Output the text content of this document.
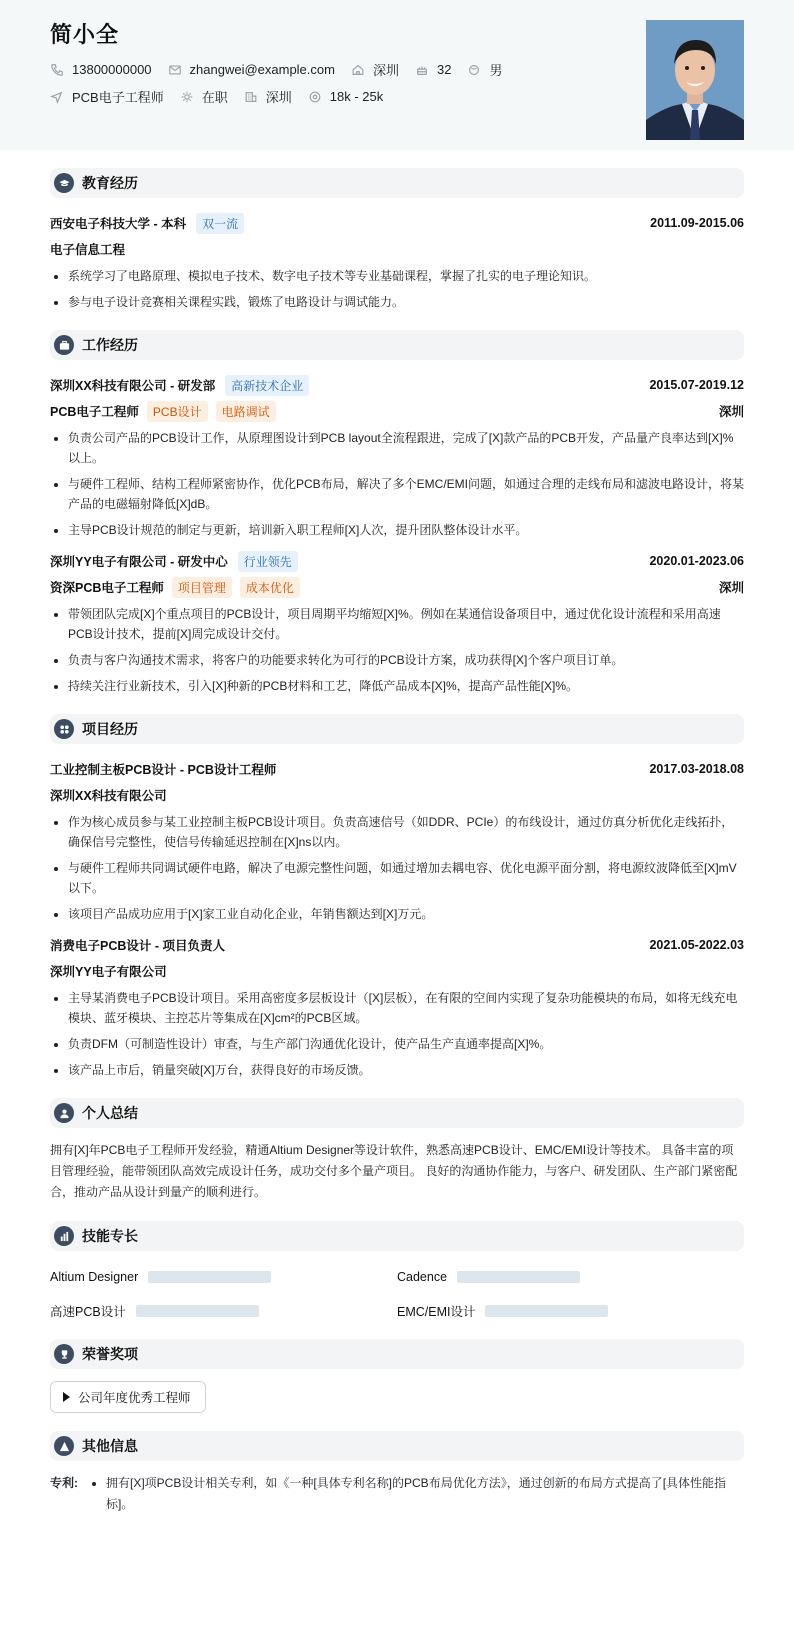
简小全
13800000000	zhangwei@example.com	深圳	32	男
PCB电子工程师	在职	深圳	18k - 25k
教育经历
西安电子科技大学 - 本科	双一流	2011.09-2015.06
电子信息工程
• 系统学习了电路原理、模拟电子技术、数字电子技术等专业基础课程，掌握了扎实的电子理论知识。
• 参与电子设计竞赛相关课程实践，锻炼了电路设计与调试能力。
工作经历
深圳XX科技有限公司 - 研发部	高新技术企业	2015.07-2019.12
PCB电子工程师	PCB设计	电路调试	深圳
• 负责公司产品的PCB设计工作，从原理图设计到PCB layout全流程跟进，完成了[X]款产品的PCB开发，产品量产良率达到[X]%以上。
• 与硬件工程师、结构工程师紧密协作，优化PCB布局，解决了多个EMC/EMI问题，如通过合理的走线布局和滤波电路设计，将某产品的电磁辐射降低[X]dB。
• 主导PCB设计规范的制定与更新，培训新入职工程师[X]人次，提升团队整体设计水平。
深圳YY电子有限公司 - 研发中心	行业领先	2020.01-2023.06
资深PCB电子工程师	项目管理	成本优化	深圳
• 带领团队完成[X]个重点项目的PCB设计，项目周期平均缩短[X]%。例如在某通信设备项目中，通过优化设计流程和采用高速PCB设计技术，提前[X]周完成设计交付。
• 负责与客户沟通技术需求，将客户的功能要求转化为可行的PCB设计方案，成功获得[X]个客户项目订单。
• 持续关注行业新技术，引入[X]种新的PCB材料和工艺，降低产品成本[X]%，提高产品性能[X]%。
项目经历
工业控制主板PCB设计 - PCB设计工程师	2017.03-2018.08
深圳XX科技有限公司
• 作为核心成员参与某工业控制主板PCB设计项目。负责高速信号（如DDR、PCIe）的布线设计，通过仿真分析优化走线拓扑，确保信号完整性，使信号传输延迟控制在[X]ns以内。
• 与硬件工程师共同调试硬件电路，解决了电源完整性问题，如通过增加去耦电容、优化电源平面分割，将电源纹波降低至[X]mV以下。
• 该项目产品成功应用于[X]家工业自动化企业，年销售额达到[X]万元。
消费电子PCB设计 - 项目负责人	2021.05-2022.03
深圳YY电子有限公司
• 主导某消费电子PCB设计项目。采用高密度多层板设计（[X]层板），在有限的空间内实现了复杂功能模块的布局，如将无线充电模块、蓝牙模块、主控芯片等集成在[X]cm²的PCB区域。
• 负责DFM（可制造性设计）审查，与生产部门沟通优化设计，使产品生产直通率提高[X]%。
• 该产品上市后，销量突破[X]万台，获得良好的市场反馈。
个人总结
拥有[X]年PCB电子工程师开发经验，精通Altium Designer等设计软件，熟悉高速PCB设计、EMC/EMI设计等技术。 具备丰富的项目管理经验，能带领团队高效完成设计任务，成功交付多个量产项目。 良好的沟通协作能力，与客户、研发团队、生产部门紧密配合，推动产品从设计到量产的顺利进行。
技能专长
Altium Designer	Cadence
高速PCB设计	EMC/EMI设计
荣誉奖项
公司年度优秀工程师
其他信息
专利:
• 拥有[X]项PCB设计相关专利，如《一种[具体专利名称]的PCB布局优化方法》，通过创新的布局方式提高了[具体性能指标]。
